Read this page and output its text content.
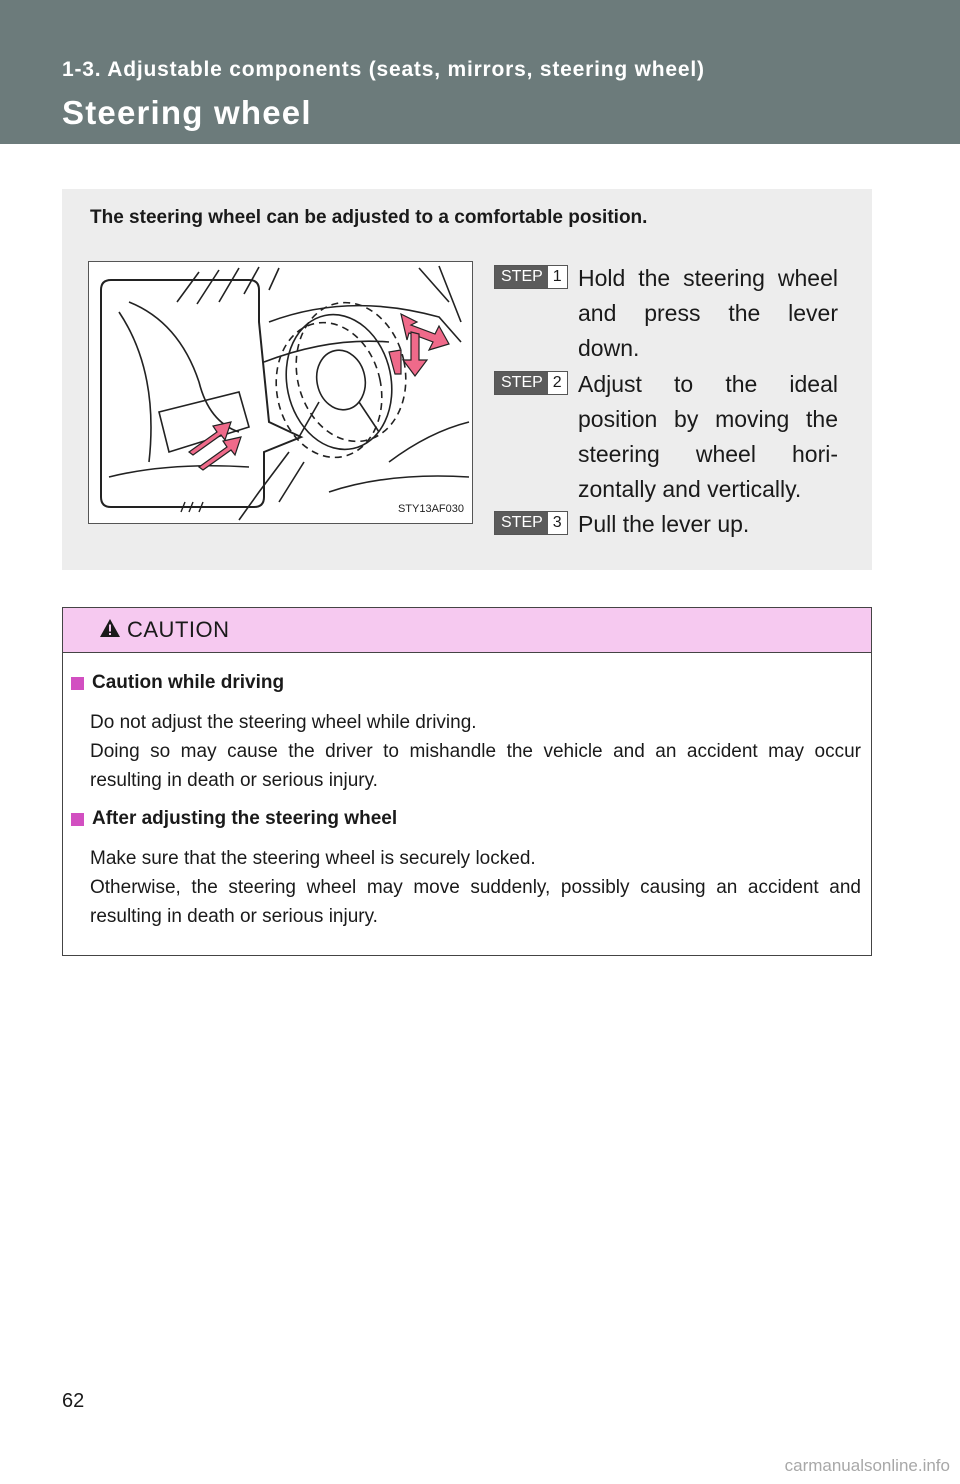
1-3. Adjustable components (seats, mirrors, steering wheel)

Steering wheel

The steering wheel can be adjusted to a comfortable position.

STY13AF030
STEP 1 Hold the steering wheel and press the lever down.

STEP 2 Adjust to the ideal position by moving the steering wheel hori- zontally and vertically.

STEP 3 Pull the lever up.

CAUTION

Caution while driving

Do not adjust the steering wheel while driving.
Doing so may cause the driver to mishandle the vehicle and an accident may occur resulting in death or serious injury.

After adjusting the steering wheel

Make sure that the steering wheel is securely locked.
Otherwise, the steering wheel may move suddenly, possibly causing an accident and resulting in death or serious injury.

62

carmanualsonline.info
